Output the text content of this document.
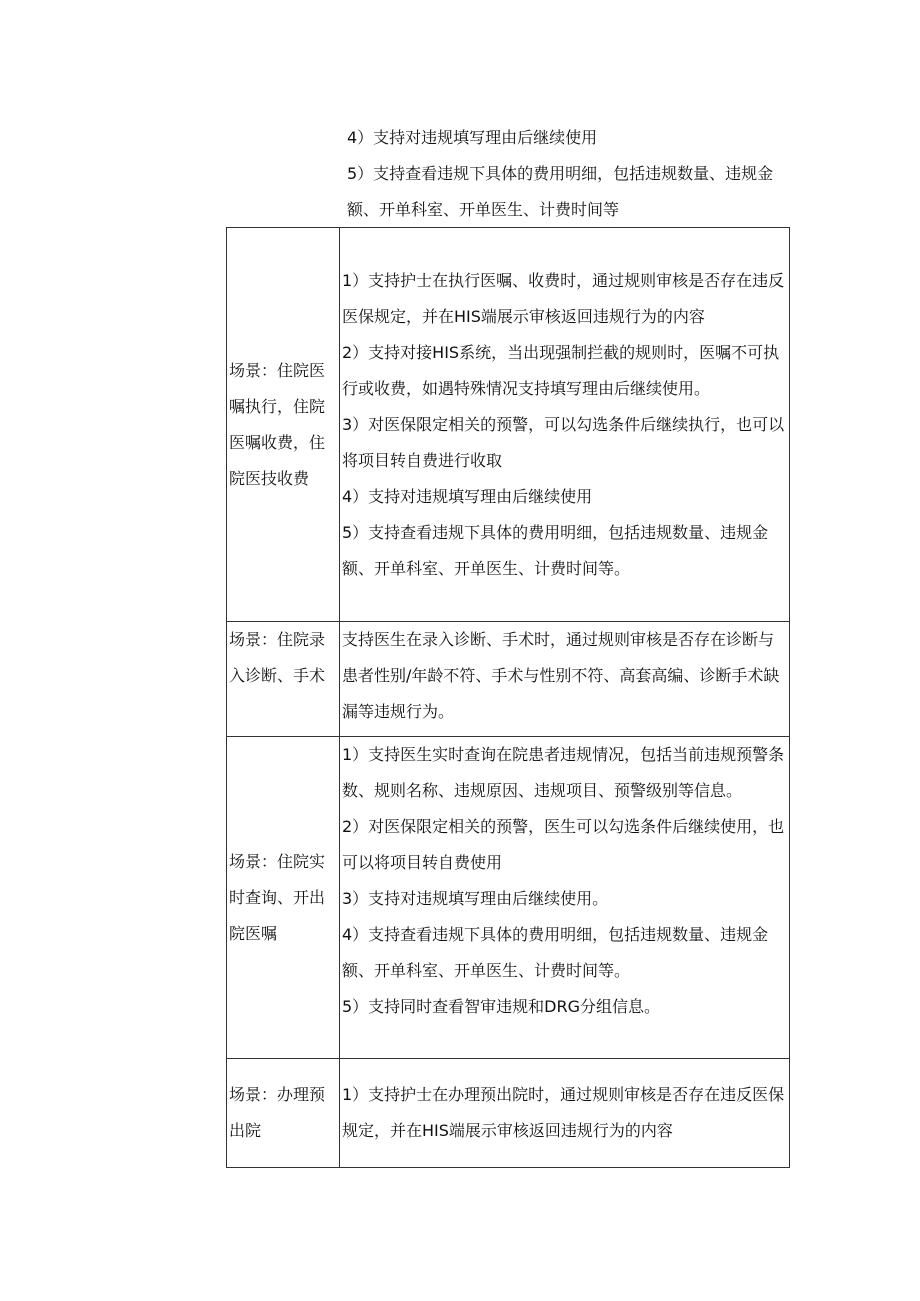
4）支持对违规填写理由后继续使用

5）支持查看违规下具体的费用明细，包括违规数量、违规金额、开单科室、开单医生、计费时间等

场景：住院医嘱执行，住院医嘱收费，住院医技收费	1）支持护士在执行医嘱、收费时，通过规则审核是否存在违反医保规定，并在HIS端展示审核返回违规行为的内容

2）支持对接HIS系统，当出现强制拦截的规则时，医嘱不可执行或收费，如遇特殊情况支持填写理由后继续使用。

3）对医保限定相关的预警，可以勾选条件后继续执行，也可以将项目转自费进行收取

4）支持对违规填写理由后继续使用

5）支持查看违规下具体的费用明细，包括违规数量、违规金额、开单科室、开单医生、计费时间等。

场景：住院录入诊断、手术	支持医生在录入诊断、手术时，通过规则审核是否存在诊断与患者性别/年龄不符、手术与性别不符、高套高编、诊断手术缺漏等违规行为。

场景：住院实时查询、开出院医嘱	1）支持医生实时查询在院患者违规情况，包括当前违规预警条数、规则名称、违规原因、违规项目、预警级别等信息。

2）对医保限定相关的预警，医生可以勾选条件后继续使用，也可以将项目转自费使用

3）支持对违规填写理由后继续使用。

4）支持查看违规下具体的费用明细，包括违规数量、违规金额、开单科室、开单医生、计费时间等。

5）支持同时查看智审违规和DRG分组信息。

场景：办理预出院	1）支持护士在办理预出院时，通过规则审核是否存在违反医保规定，并在HIS端展示审核返回违规行为的内容
